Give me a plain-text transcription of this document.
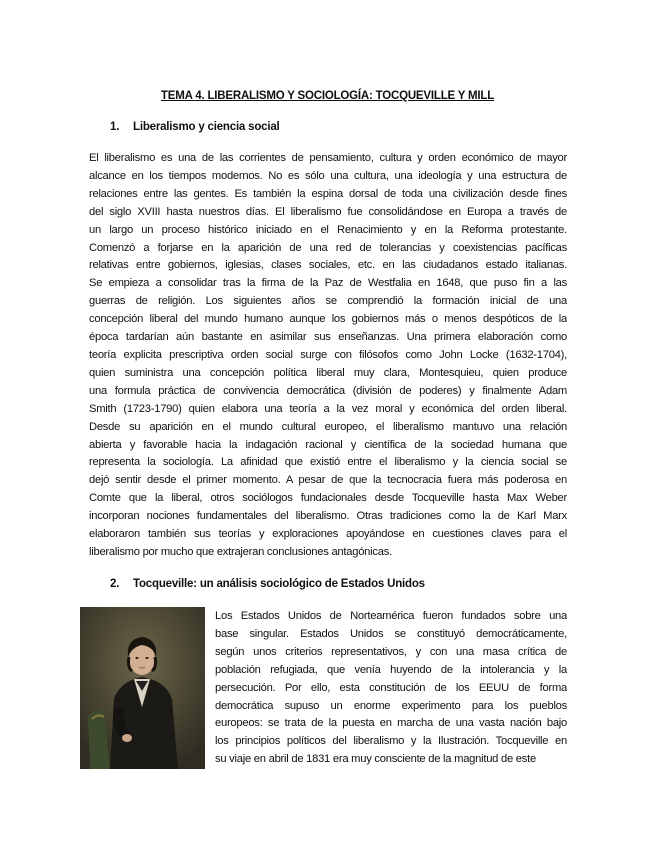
TEMA 4. LIBERALISMO Y SOCIOLOGÍA: TOCQUEVILLE Y MILL
1. Liberalismo y ciencia social
El liberalismo es una de las corrientes de pensamiento, cultura y orden económico de mayor
alcance en los tiempos modernos. No es sólo una cultura, una ideología y una estructura de
relaciones entre las gentes. Es también la espina dorsal de toda una civilización desde fines
del siglo XVIII hasta nuestros días. El liberalismo fue consolidándose en Europa a través de
un largo un proceso histórico iniciado en el Renacimiento y en la Reforma protestante.
Comenzó a forjarse en la aparición de una red de tolerancias y coexistencias pacíficas
relativas entre gobiernos, iglesias, clases sociales, etc. en las ciudadanos estado italianas.
Se empieza a consolidar tras la firma de la Paz de Westfalia en 1648, que puso fin a las
guerras de religión. Los siguientes años se comprendió la formación inicial de una
concepción liberal del mundo humano aunque los gobiernos más o menos despóticos de la
época tardarían aún bastante en asimilar sus enseñanzas. Una primera elaboración como
teoría explicita prescriptiva orden social surge con filósofos como John Locke (1632-1704),
quien suministra una concepción política liberal muy clara, Montesquieu, quien produce
una formula práctica de convivencia democrática (división de poderes) y finalmente Adam
Smith (1723-1790) quien elabora una teoría a la vez moral y económica del orden liberal.
Desde su aparición en el mundo cultural europeo, el liberalismo mantuvo una relación
abierta y favorable hacia la indagación racional y científica de la sociedad humana que
representa la sociología. La afinidad que existió entre el liberalismo y la ciencia social se
dejó sentir desde el primer momento. A pesar de que la tecnocracia fuera más poderosa en
Comte que la liberal, otros sociólogos fundacionales desde Tocqueville hasta Max Weber
incorporan nociones fundamentales del liberalismo. Otras tradiciones como la de Karl Marx
elaboraron también sus teorías y exploraciones apoyándose en cuestiones claves para el
liberalismo por mucho que extrajeran conclusiones antagónicas.
2. Tocqueville: un análisis sociológico de Estados Unidos
Los Estados Unidos de Norteamérica fueron fundados sobre una
base singular. Estados Unidos se constituyó democráticamente,
según unos criterios representativos, y con una masa crítica de
población refugiada, que venía huyendo de la intolerancia y la
persecución. Por ello, esta constitución de los EEUU de forma
democrática supuso un enorme experimento para los pueblos
europeos: se trata de la puesta en marcha de una vasta nación bajo
los principios políticos del liberalismo y la Ilustración. Tocqueville en
su viaje en abril de 1831 era muy consciente de la magnitud de este
